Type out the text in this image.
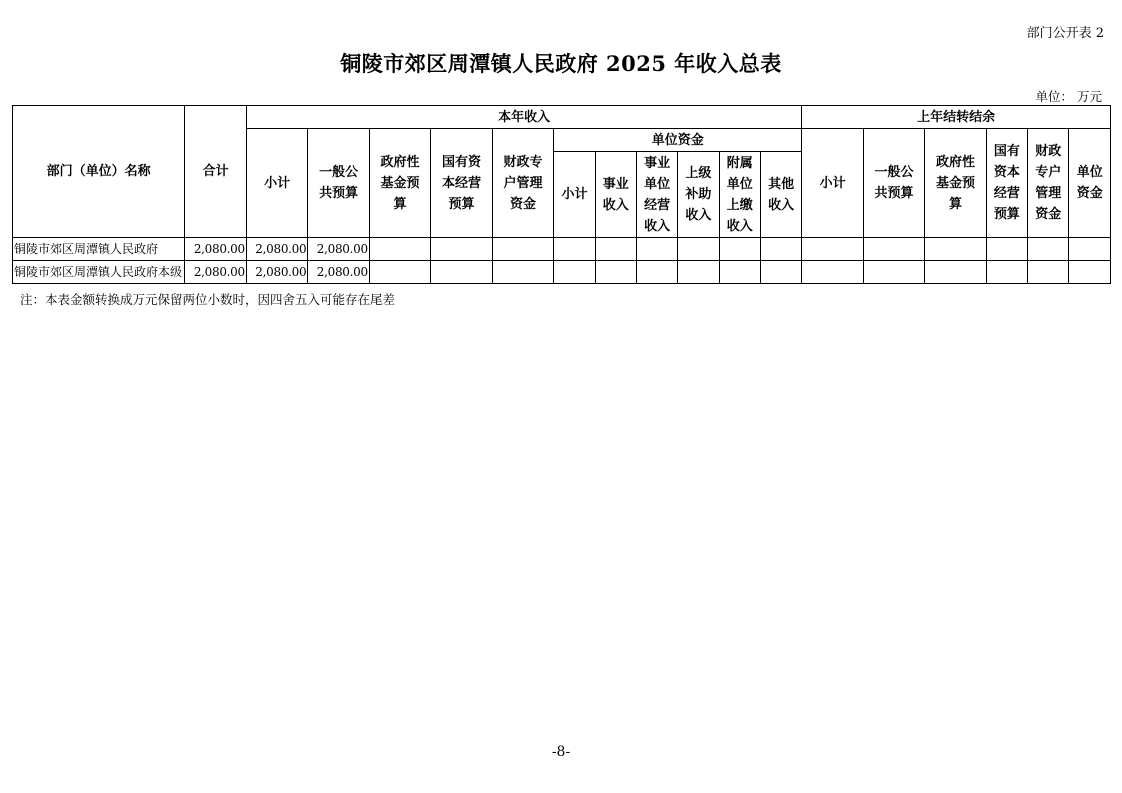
部门公开表 2
铜陵市郊区周潭镇人民政府 2025 年收入总表
单位： 万元
部门（单位）名称	合计	本年收入											上年结转结余					
		小计	一般公共预算	政府性基金预算	国有资本经营预算	财政专户管理资金	单位资金						小计	一般公共预算	政府性基金预算	国有资本经营预算	财政专户管理资金	单位资金
							小计	事业收入	事业单位经营收入	上级补助收入	附属单位上缴收入	其他收入						
铜陵市郊区周潭镇人民政府	2,080.00	2,080.00	2,080.00															
铜陵市郊区周潭镇人民政府本级	2,080.00	2,080.00	2,080.00															
注：本表金额转换成万元保留两位小数时，因四舍五入可能存在尾差
-8-
